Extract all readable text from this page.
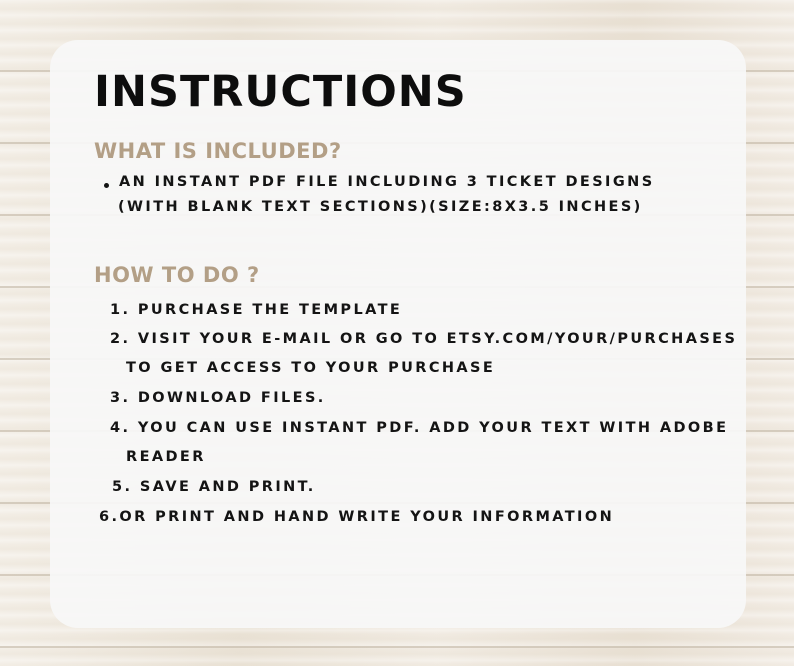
INSTRUCTIONS
WHAT IS INCLUDED?

AN INSTANT PDF FILE INCLUDING 3 TICKET DESIGNS

(WITH BLANK TEXT SECTIONS)(SIZE:8X3.5 INCHES)

HOW TO DO ?

1. PURCHASE THE TEMPLATE

2. VISIT YOUR E-MAIL OR GO TO ETSY.COM/YOUR/PURCHASES

TO GET ACCESS TO YOUR PURCHASE

3. DOWNLOAD FILES.

4. YOU CAN USE INSTANT PDF. ADD YOUR TEXT WITH ADOBE

READER

5. SAVE AND PRINT.

6.OR PRINT AND HAND WRITE YOUR INFORMATION
